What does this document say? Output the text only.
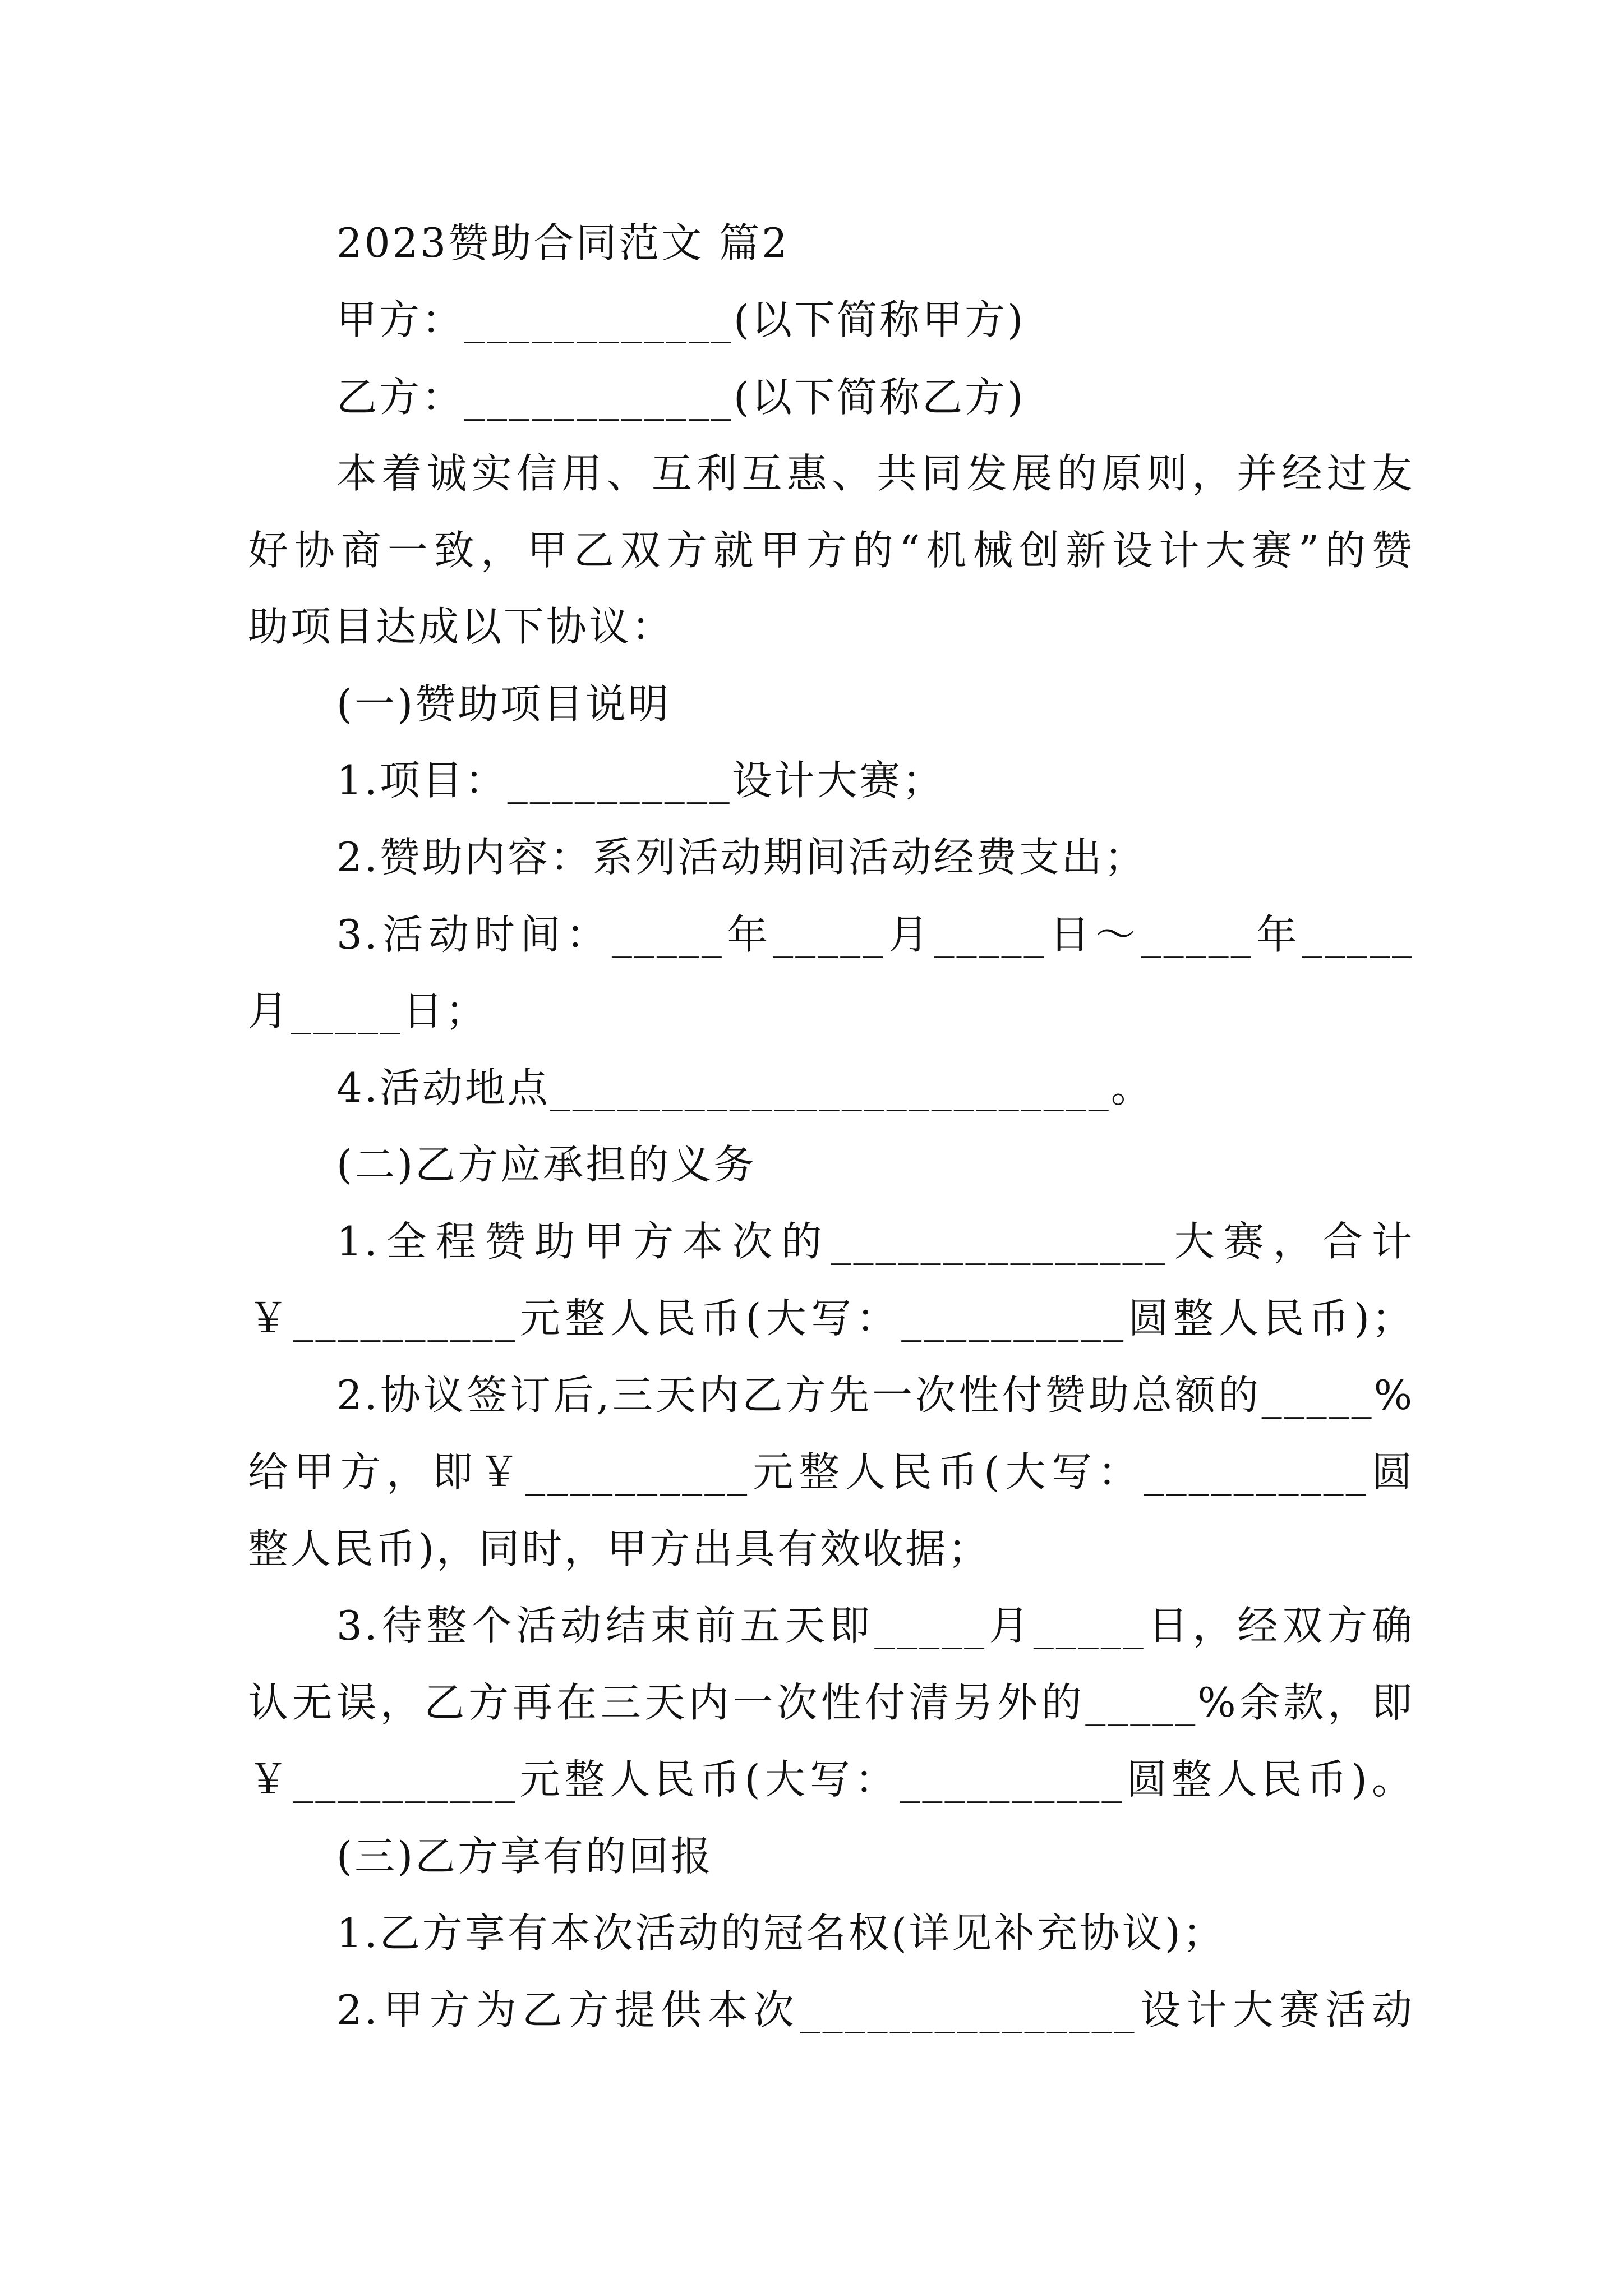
2023赞助合同范文 篇2
甲方：____________(以下简称甲方)
乙方：____________(以下简称乙方)
本着诚实信用、互利互惠、共同发展的原则，并经过友
好协商一致，甲乙双方就甲方的“机械创新设计大赛”的赞
助项目达成以下协议：
(一)赞助项目说明
1.项目：__________设计大赛；
2.赞助内容：系列活动期间活动经费支出；
3.活动时间：_____年_____月_____日～_____年_____
月_____日；
4.活动地点_________________________。
(二)乙方应承担的义务
1.全程赞助甲方本次的_______________大赛，合计
￥__________元整人民币(大写：__________圆整人民币)；
2.协议签订后,三天内乙方先一次性付赞助总额的_____%
给甲方，即￥__________元整人民币(大写：__________圆
整人民币)，同时，甲方出具有效收据；
3.待整个活动结束前五天即_____月_____日，经双方确
认无误，乙方再在三天内一次性付清另外的_____%余款，即
￥__________元整人民币(大写：__________圆整人民币)。
(三)乙方享有的回报
1.乙方享有本次活动的冠名权(详见补充协议)；
2.甲方为乙方提供本次_______________设计大赛活动
